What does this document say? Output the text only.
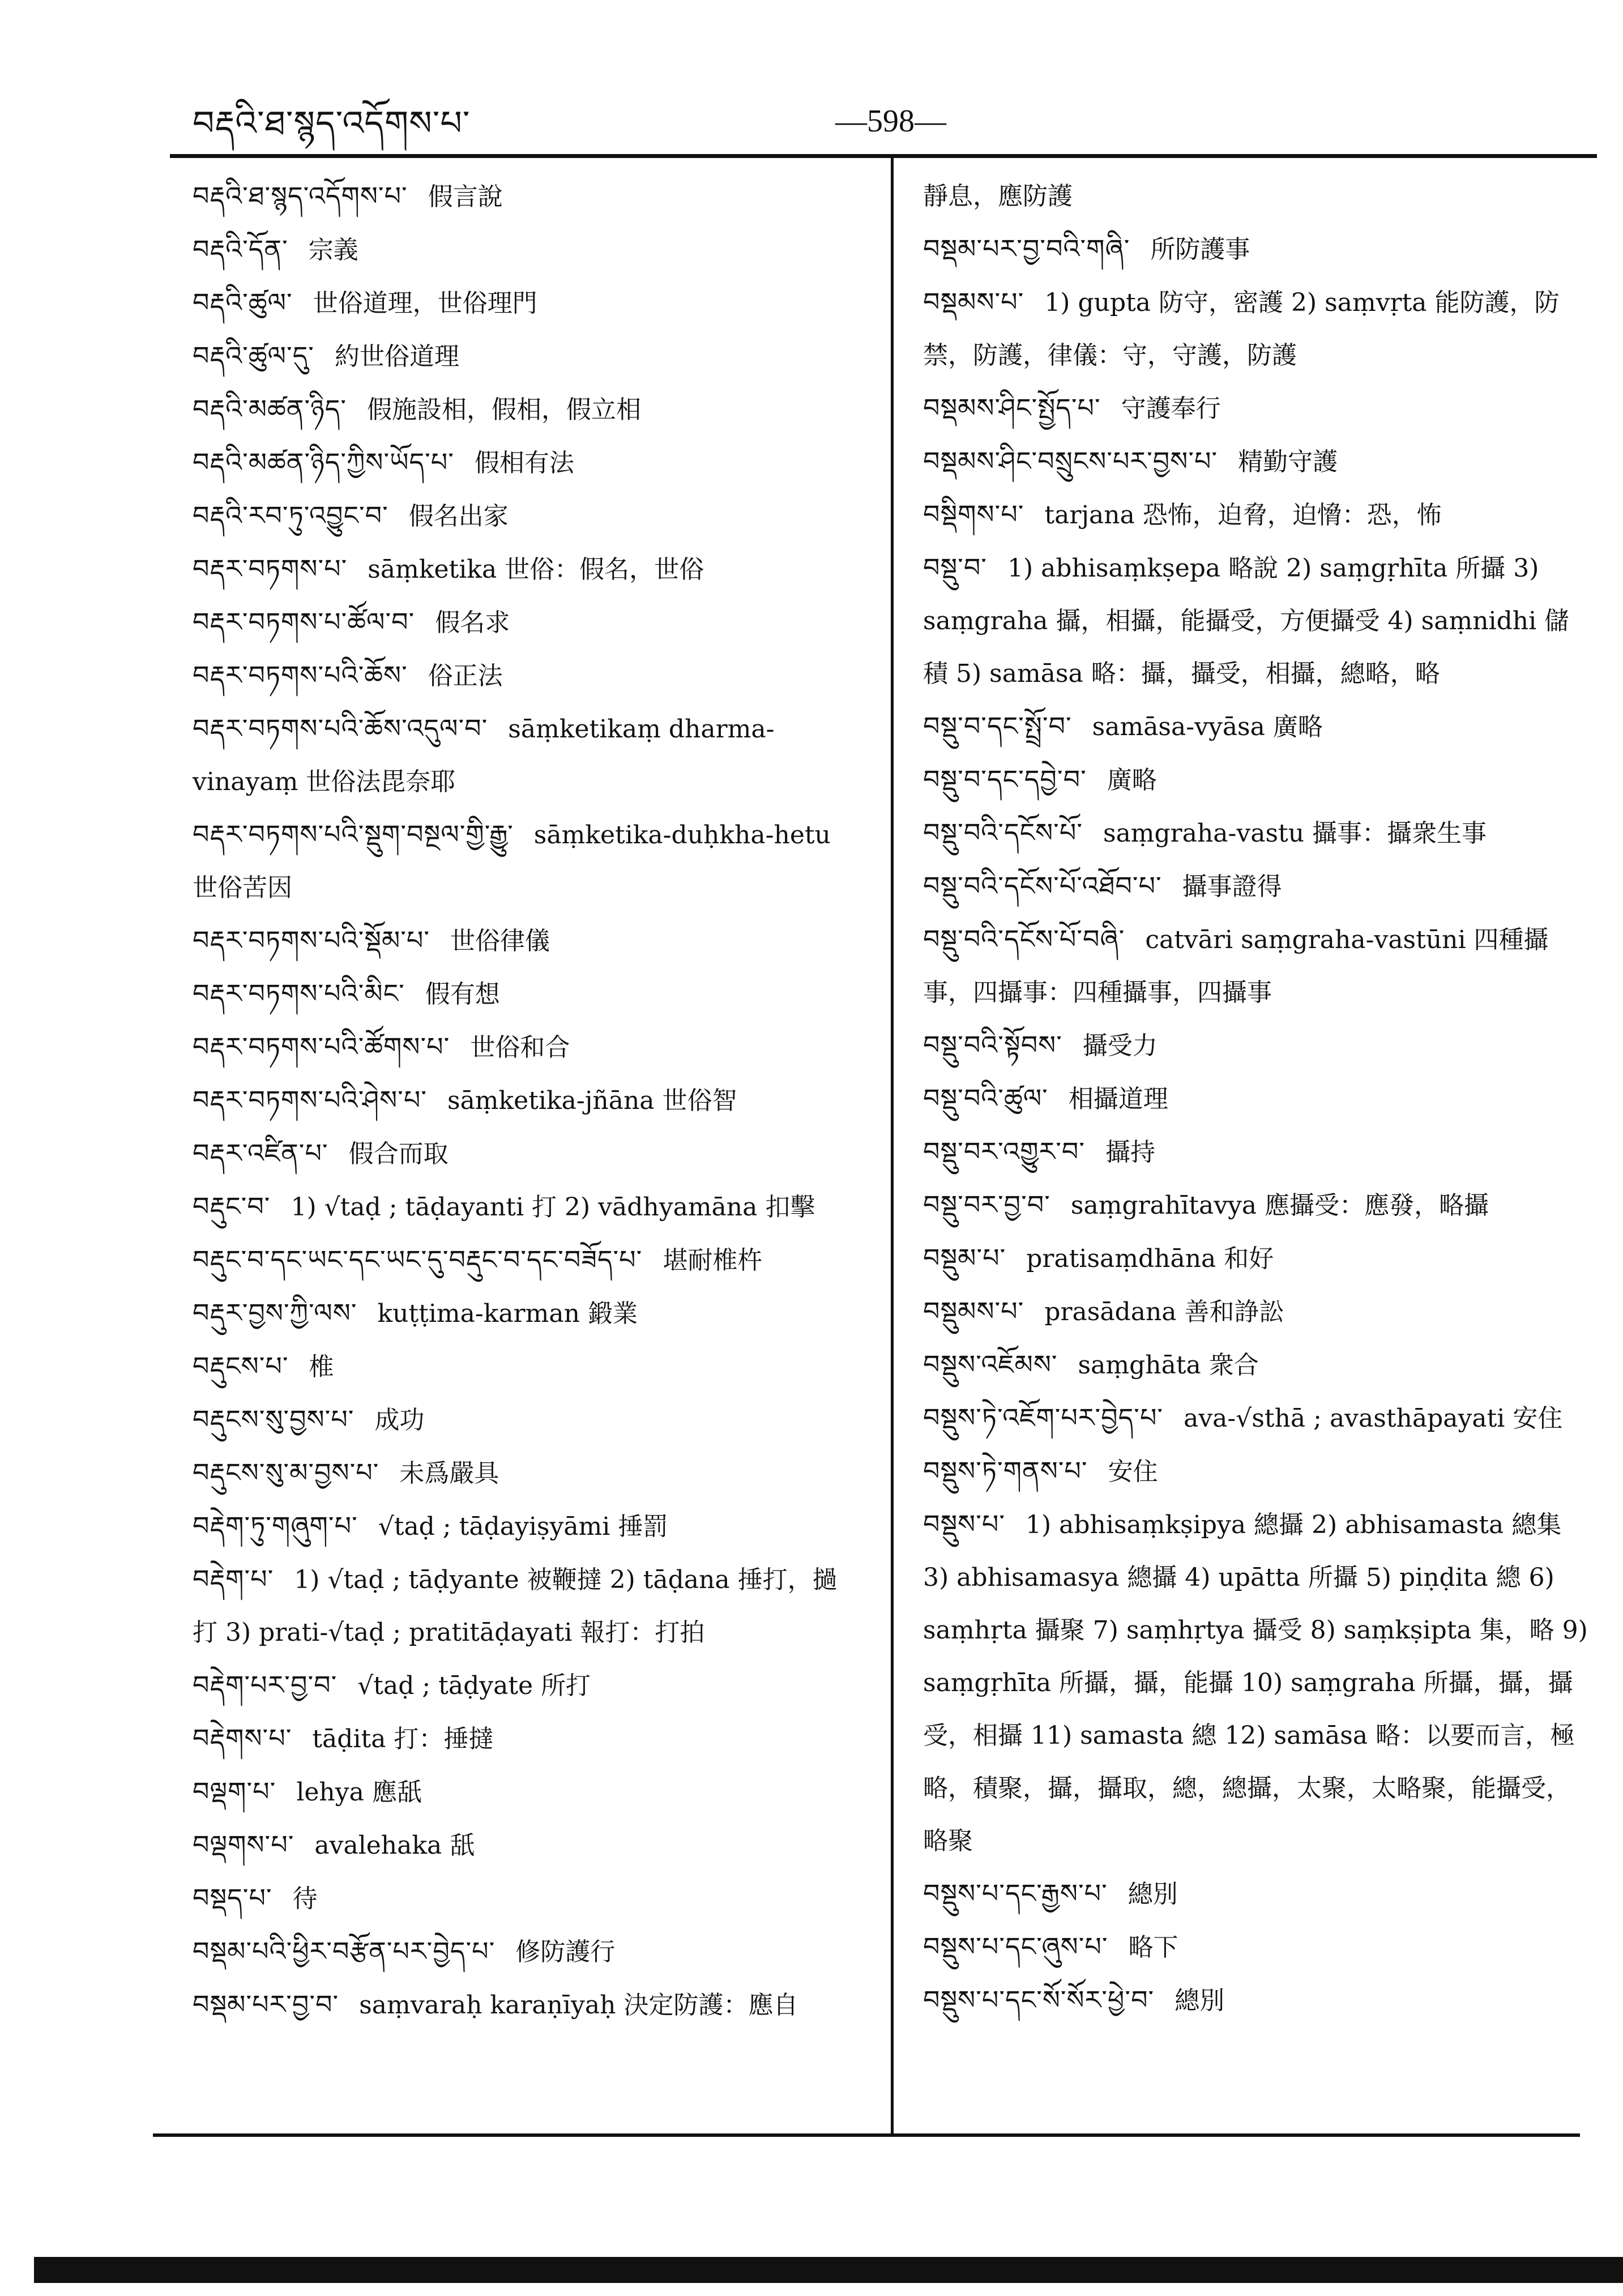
བརྡའི་ཐ་སྙད་འདོགས་པ་	—598—
བརྡའི་ཐ་སྙད་འདོགས་པ་ 假言說
བརྡའི་དོན་ 宗義
བརྡའི་ཚུལ་ 世俗道理，世俗理門
བརྡའི་ཚུལ་དུ་ 約世俗道理
བརྡའི་མཚན་ཉིད་ 假施設相，假相，假立相
བརྡའི་མཚན་ཉིད་ཀྱིས་ཡོད་པ་ 假相有法
བརྡའི་རབ་ཏུ་འབྱུང་བ་ 假名出家
བརྡར་བཏགས་པ་ sāṃketika 世俗：假名，世俗
བརྡར་བཏགས་པ་ཚོལ་བ་ 假名求
བརྡར་བཏགས་པའི་ཆོས་ 俗正法
བརྡར་བཏགས་པའི་ཆོས་འདུལ་བ་ sāṃketikaṃ dharma-vinayaṃ 世俗法毘奈耶
བརྡར་བཏགས་པའི་སྡུག་བསྔལ་གྱི་རྒྱུ་ sāṃketika-duḥkha-hetu 世俗苦因
བརྡར་བཏགས་པའི་སྡོམ་པ་ 世俗律儀
བརྡར་བཏགས་པའི་མིང་ 假有想
བརྡར་བཏགས་པའི་ཚོགས་པ་ 世俗和合
བརྡར་བཏགས་པའི་ཤེས་པ་ sāṃketika-jñāna 世俗智
བརྡར་འཛིན་པ་ 假合而取
བརྡུང་བ་ 1) √taḍ ; tāḍayanti 打 2) vādhyamāna 扣擊
བརྡུང་བ་དང་ཡང་དང་ཡང་དུ་བརྡུང་བ་དང་བཟོད་པ་ 堪耐椎杵
བརྡུར་བྱས་ཀྱི་ལས་ kuṭṭima-karman 鍛業
བརྡུངས་པ་ 椎
བརྡུངས་སུ་བྱས་པ་ 成功
བརྡུངས་སུ་མ་བྱས་པ་ 未爲嚴具
བརྡེག་ཏུ་གཞུག་པ་ √taḍ ; tāḍayiṣyāmi 捶罰
བརྡེག་པ་ 1) √taḍ ; tāḍyante 被鞭撻 2) tāḍana 捶打，撾打 3) prati-√taḍ ; pratitāḍayati 報打：打拍
བརྡེག་པར་བྱ་བ་ √taḍ ; tāḍyate 所打
བརྡེགས་པ་ tāḍita 打：捶撻
བལྡག་པ་ lehya 應舐
བལྡགས་པ་ avalehaka 舐
བསྡད་པ་ 待
བསྡམ་པའི་ཕྱིར་བརྩོན་པར་བྱེད་པ་ 修防護行
བསྡམ་པར་བྱ་བ་ saṃvaraḥ karaṇīyaḥ 決定防護：應自
靜息，應防護
བསྡམ་པར་བྱ་བའི་གཞི་ 所防護事
བསྡམས་པ་ 1) gupta 防守，密護 2) saṃvṛta 能防護，防禁，防護，律儀：守，守護，防護
བསྡམས་ཤིང་སྤྱོད་པ་ 守護奉行
བསྡམས་ཤིང་བསྲུངས་པར་བྱས་པ་ 精勤守護
བསྡིགས་པ་ tarjana 恐怖，迫脅，迫愶：恐，怖
བསྡུ་བ་ 1) abhisaṃkṣepa 略說 2) saṃgṛhīta 所攝 3) saṃgraha 攝，相攝，能攝受，方便攝受 4) saṃnidhi 儲積 5) samāsa 略：攝，攝受，相攝，總略，略
བསྡུ་བ་དང་སྤྲོ་བ་ samāsa-vyāsa 廣略
བསྡུ་བ་དང་དབྱེ་བ་ 廣略
བསྡུ་བའི་དངོས་པོ་ saṃgraha-vastu 攝事：攝衆生事
བསྡུ་བའི་དངོས་པོ་འཐོབ་པ་ 攝事證得
བསྡུ་བའི་དངོས་པོ་བཞི་ catvāri saṃgraha-vastūni 四種攝事，四攝事：四種攝事，四攝事
བསྡུ་བའི་སྟོབས་ 攝受力
བསྡུ་བའི་ཚུལ་ 相攝道理
བསྡུ་བར་འགྱུར་བ་ 攝持
བསྡུ་བར་བྱ་བ་ saṃgrahītavya 應攝受：應發，略攝
བསྡུམ་པ་ pratisaṃdhāna 和好
བསྡུམས་པ་ prasādana 善和諍訟
བསྡུས་འཇོམས་ saṃghāta 衆合
བསྡུས་ཏེ་འཇོག་པར་བྱེད་པ་ ava-√sthā ; avasthāpayati 安住
བསྡུས་ཏེ་གནས་པ་ 安住
བསྡུས་པ་ 1) abhisaṃkṣipya 總攝 2) abhisamasta 總集 3) abhisamasya 總攝 4) upātta 所攝 5) piṇḍita 總 6) saṃhṛta 攝聚 7) saṃhṛtya 攝受 8) saṃkṣipta 集，略 9) saṃgṛhīta 所攝，攝，能攝 10) saṃgraha 所攝，攝，攝受，相攝 11) samasta 總 12) samāsa 略：以要而言，極略，積聚，攝，攝取，總，總攝，太聚，太略聚，能攝受，略聚
བསྡུས་པ་དང་རྒྱས་པ་ 總別
བསྡུས་པ་དང་ཞུས་པ་ 略下
བསྡུས་པ་དང་སོ་སོར་ཕྱེ་བ་ 總別
